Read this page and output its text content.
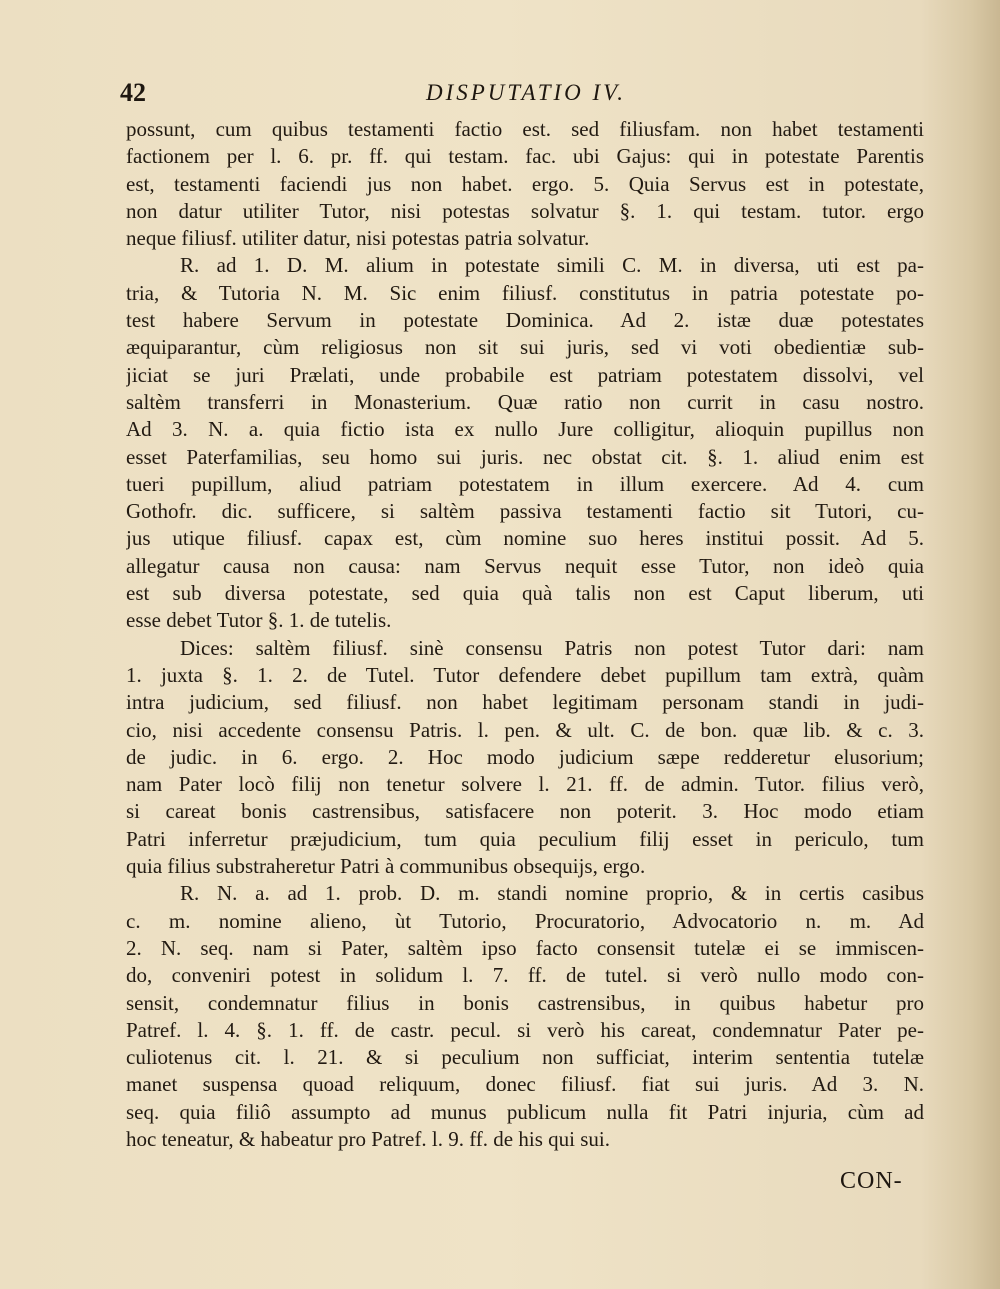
42	DISPUTATIO IV.
possunt, cum quibus testamenti factio est. sed filiusfam. non habet testamenti
factionem per l. 6. pr. ff. qui testam. fac. ubi Gajus: qui in potestate Parentis
est, testamenti faciendi jus non habet. ergo. 5. Quia Servus est in potestate,
non datur utiliter Tutor, nisi potestas solvatur §. 1. qui testam. tutor. ergo
neque filiusf. utiliter datur, nisi potestas patria solvatur.
R. ad 1. D. M. alium in potestate simili C. M. in diversa, uti est pa-
tria, & Tutoria N. M. Sic enim filiusf. constitutus in patria potestate po-
test habere Servum in potestate Dominica. Ad 2. istæ duæ potestates
æquiparantur, cùm religiosus non sit sui juris, sed vi voti obedientiæ sub-
jiciat se juri Prælati, unde probabile est patriam potestatem dissolvi, vel
saltèm transferri in Monasterium. Quæ ratio non currit in casu nostro.
Ad 3. N. a. quia fictio ista ex nullo Jure colligitur, alioquin pupillus non
esset Paterfamilias, seu homo sui juris. nec obstat cit. §. 1. aliud enim est
tueri pupillum, aliud patriam potestatem in illum exercere. Ad 4. cum
Gothofr. dic. sufficere, si saltèm passiva testamenti factio sit Tutori, cu-
jus utique filiusf. capax est, cùm nomine suo heres institui possit. Ad 5.
allegatur causa non causa: nam Servus nequit esse Tutor, non ideò quia
est sub diversa potestate, sed quia quà talis non est Caput liberum, uti
esse debet Tutor §. 1. de tutelis.
Dices: saltèm filiusf. sinè consensu Patris non potest Tutor dari: nam
1. juxta §. 1. 2. de Tutel. Tutor defendere debet pupillum tam extrà, quàm
intra judicium, sed filiusf. non habet legitimam personam standi in judi-
cio, nisi accedente consensu Patris. l. pen. & ult. C. de bon. quæ lib. & c. 3.
de judic. in 6. ergo. 2. Hoc modo judicium sæpe redderetur elusorium;
nam Pater locò filij non tenetur solvere l. 21. ff. de admin. Tutor. filius verò,
si careat bonis castrensibus, satisfacere non poterit. 3. Hoc modo etiam
Patri inferretur præjudicium, tum quia peculium filij esset in periculo, tum
quia filius substraheretur Patri à communibus obsequijs, ergo.
R. N. a. ad 1. prob. D. m. standi nomine proprio, & in certis casibus
c. m. nomine alieno, ùt Tutorio, Procuratorio, Advocatorio n. m. Ad
2. N. seq. nam si Pater, saltèm ipso facto consensit tutelæ ei se immiscen-
do, conveniri potest in solidum l. 7. ff. de tutel. si verò nullo modo con-
sensit, condemnatur filius in bonis castrensibus, in quibus habetur pro
Patref. l. 4. §. 1. ff. de castr. pecul. si verò his careat, condemnatur Pater pe-
culiotenus cit. l. 21. & si peculium non sufficiat, interim sententia tutelæ
manet suspensa quoad reliquum, donec filiusf. fiat sui juris. Ad 3. N.
seq. quia filiô assumpto ad munus publicum nulla fit Patri injuria, cùm ad
hoc teneatur, & habeatur pro Patref. l. 9. ff. de his qui sui.
CON-
